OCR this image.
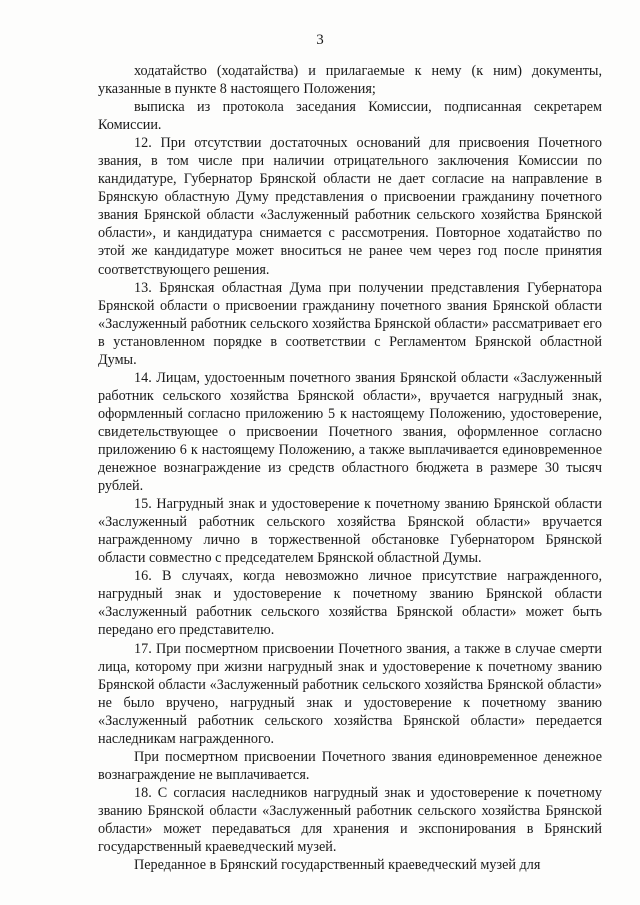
3

ходатайство (ходатайства) и прилагаемые к нему (к ним) документы, указанные в пункте 8 настоящего Положения;

выписка из протокола заседания Комиссии, подписанная секретарем Комиссии.

12. При отсутствии достаточных оснований для присвоения Почетного звания, в том числе при наличии отрицательного заключения Комиссии по кандидатуре, Губернатор Брянской области не дает согласие на направление в Брянскую областную Думу представления о присвоении гражданину почетного звания Брянской области «Заслуженный работник сельского хозяйства Брянской области», и кандидатура снимается с рассмотрения. Повторное ходатайство по этой же кандидатуре может вноситься не ранее чем через год после принятия соответствующего решения.

13. Брянская областная Дума при получении представления Губернатора Брянской области о присвоении гражданину почетного звания Брянской области «Заслуженный работник сельского хозяйства Брянской области» рассматривает его в установленном порядке в соответствии с Регламентом Брянской областной Думы.

14. Лицам, удостоенным почетного звания Брянской области «Заслуженный работник сельского хозяйства Брянской области», вручается нагрудный знак, оформленный согласно приложению 5 к настоящему Положению, удостоверение, свидетельствующее о присвоении Почетного звания, оформленное согласно приложению 6 к настоящему Положению, а также выплачивается единовременное денежное вознаграждение из средств областного бюджета в размере 30 тысяч рублей.

15. Нагрудный знак и удостоверение к почетному званию Брянской области «Заслуженный работник сельского хозяйства Брянской области» вручается награжденному лично в торжественной обстановке Губернатором Брянской области совместно с председателем Брянской областной Думы.

16. В случаях, когда невозможно личное присутствие награжденного, нагрудный знак и удостоверение к почетному званию Брянской области «Заслуженный работник сельского хозяйства Брянской области» может быть передано его представителю.

17. При посмертном присвоении Почетного звания, а также в случае смерти лица, которому при жизни нагрудный знак и удостоверение к почетному званию Брянской области «Заслуженный работник сельского хозяйства Брянской области» не было вручено, нагрудный знак и удостоверение к почетному званию «Заслуженный работник сельского хозяйства Брянской области» передается наследникам награжденного.

При посмертном присвоении Почетного звания единовременное денежное вознаграждение не выплачивается.

18. С согласия наследников нагрудный знак и удостоверение к почетному званию Брянской области «Заслуженный работник сельского хозяйства Брянской области» может передаваться для хранения и экспонирования в Брянский государственный краеведческий музей.

Переданное в Брянский государственный краеведческий музей для
